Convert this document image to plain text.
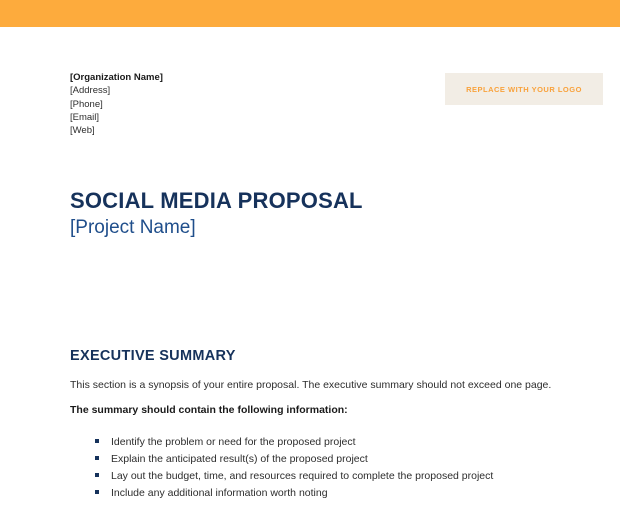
[Organization Name]
[Address]
[Phone]
[Email]
[Web]
REPLACE WITH YOUR LOGO
SOCIAL MEDIA PROPOSAL
[Project Name]
EXECUTIVE SUMMARY

This section is a synopsis of your entire proposal. The executive summary should not exceed one page.

The summary should contain the following information:

Identify the problem or need for the proposed project
Explain the anticipated result(s) of the proposed project
Lay out the budget, time, and resources required to complete the proposed project
Include any additional information worth noting
